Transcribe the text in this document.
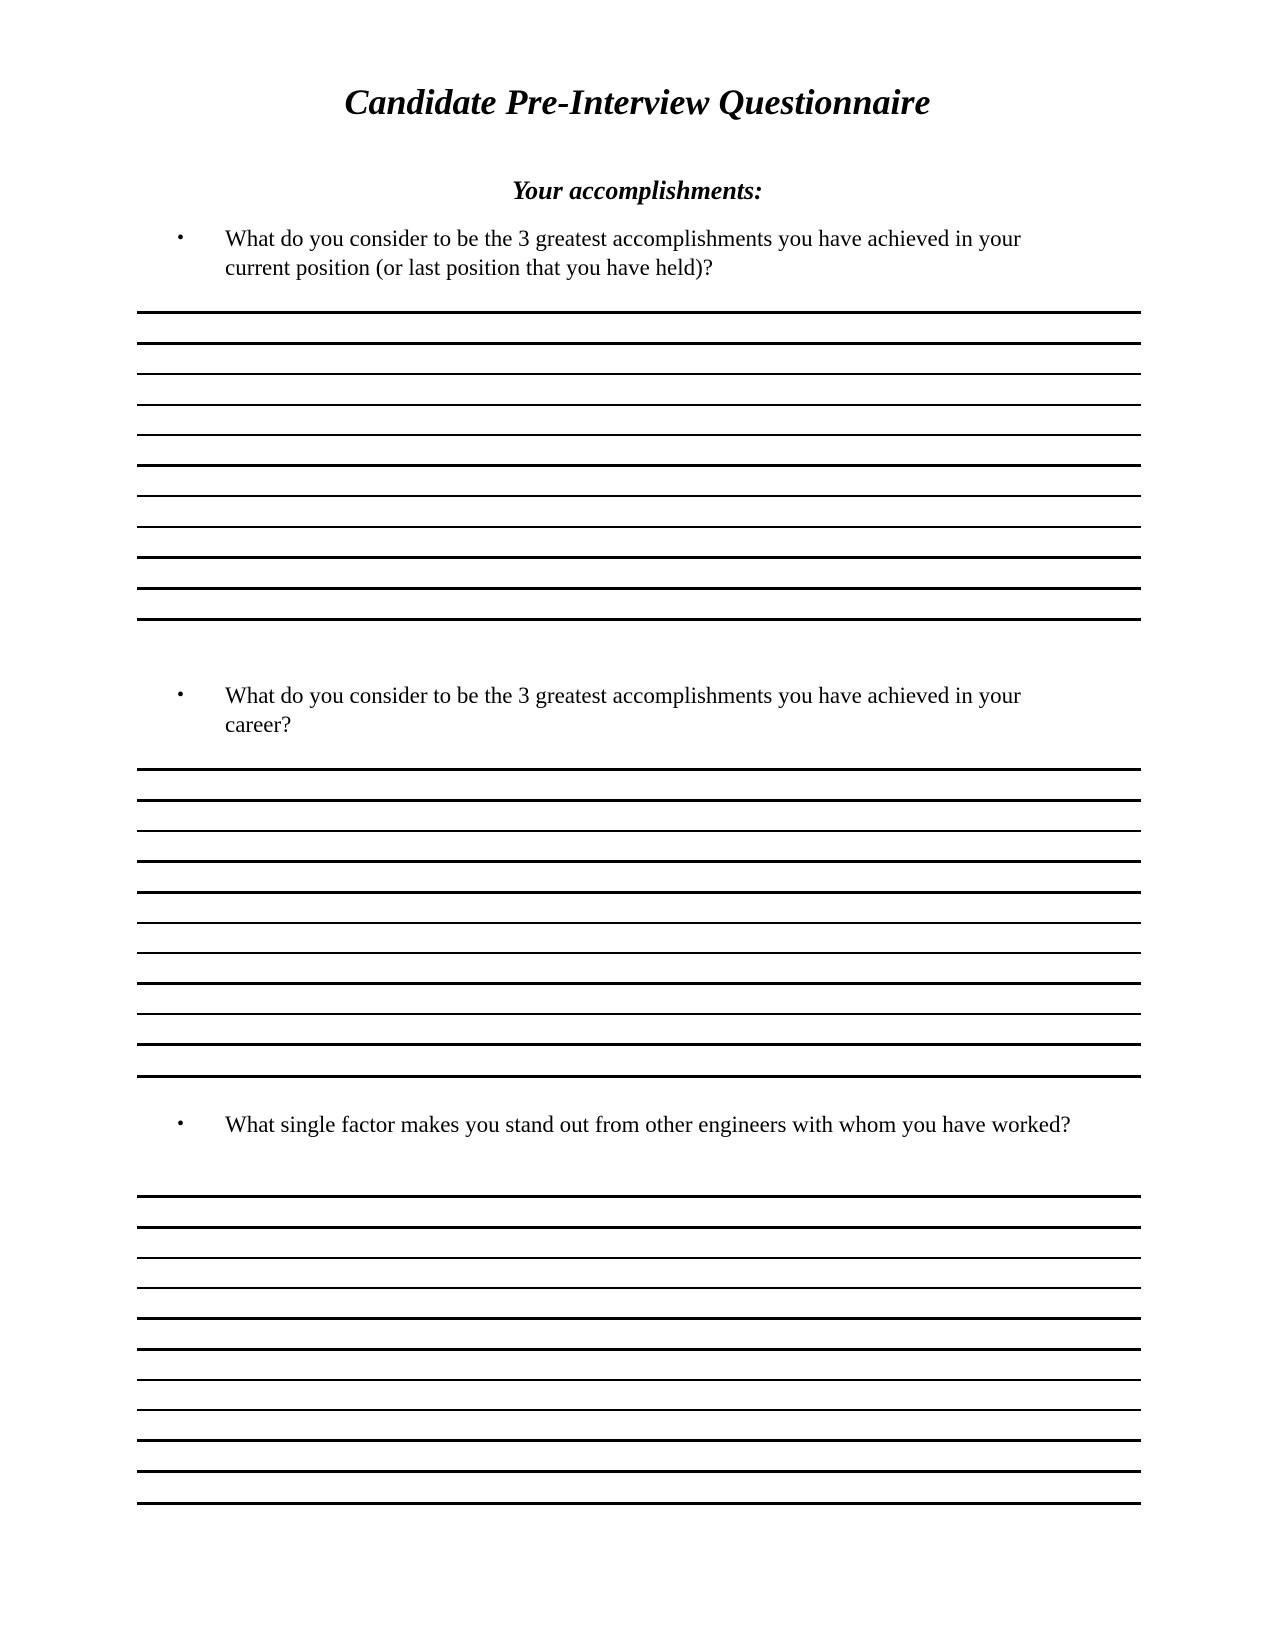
Candidate Pre-Interview Questionnaire
Your accomplishments:
• What do you consider to be the 3 greatest accomplishments you have achieved in your current position (or last position that you have held)?
• What do you consider to be the 3 greatest accomplishments you have achieved in your career?
• What single factor makes you stand out from other engineers with whom you have worked?
